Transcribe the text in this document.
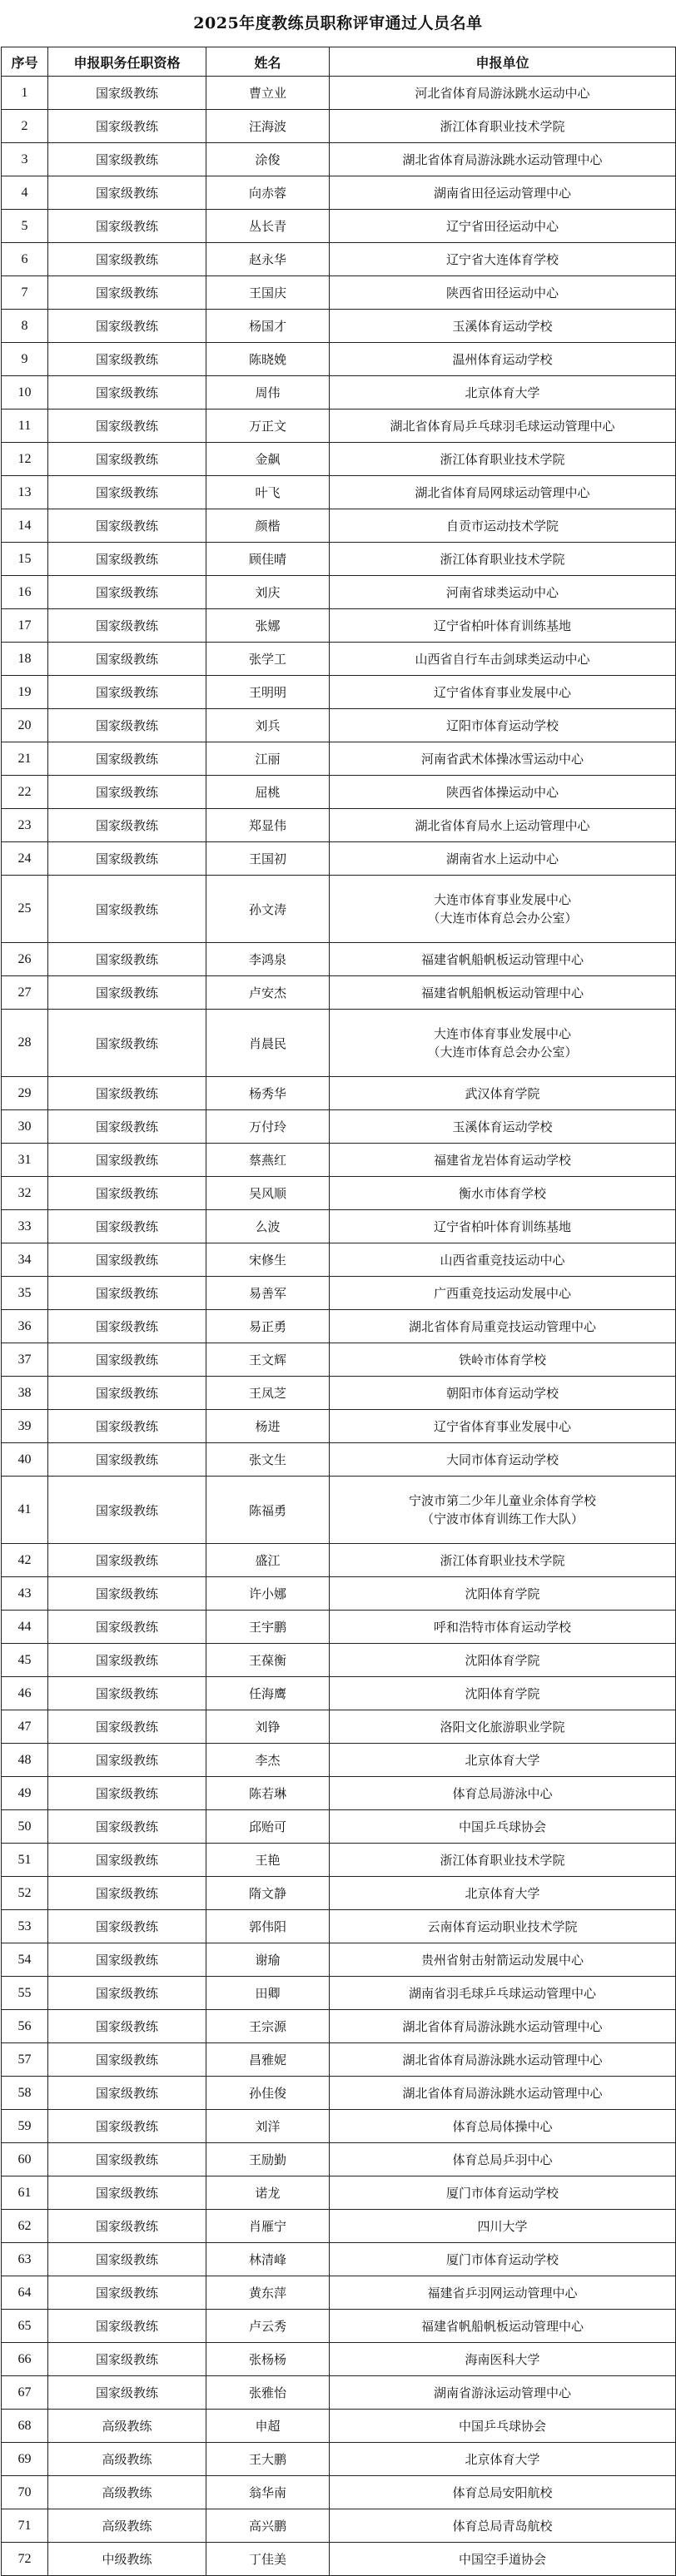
2025年度教练员职称评审通过人员名单
序号	申报职务任职资格	姓名	申报单位
1	国家级教练	曹立业	河北省体育局游泳跳水运动中心

2	国家级教练	汪海波	浙江体育职业技术学院

3	国家级教练	涂俊	湖北省体育局游泳跳水运动管理中心

4	国家级教练	向赤蓉	湖南省田径运动管理中心

5	国家级教练	丛长青	辽宁省田径运动中心

6	国家级教练	赵永华	辽宁省大连体育学校

7	国家级教练	王国庆	陕西省田径运动中心

8	国家级教练	杨国才	玉溪体育运动学校

9	国家级教练	陈晓娩	温州体育运动学校

10	国家级教练	周伟	北京体育大学

11	国家级教练	万正文	湖北省体育局乒乓球羽毛球运动管理中心

12	国家级教练	金飙	浙江体育职业技术学院

13	国家级教练	叶飞	湖北省体育局网球运动管理中心

14	国家级教练	颜楷	自贡市运动技术学院

15	国家级教练	顾佳晴	浙江体育职业技术学院

16	国家级教练	刘庆	河南省球类运动中心

17	国家级教练	张娜	辽宁省柏叶体育训练基地

18	国家级教练	张学工	山西省自行车击剑球类运动中心

19	国家级教练	王明明	辽宁省体育事业发展中心

20	国家级教练	刘兵	辽阳市体育运动学校

21	国家级教练	江丽	河南省武术体操冰雪运动中心

22	国家级教练	屈桃	陕西省体操运动中心

23	国家级教练	郑显伟	湖北省体育局水上运动管理中心

24	国家级教练	王国初	湖南省水上运动中心

25	国家级教练	孙文涛	大连市体育事业发展中心
（大连市体育总会办公室）

26	国家级教练	李鸿泉	福建省帆船帆板运动管理中心

27	国家级教练	卢安杰	福建省帆船帆板运动管理中心

28	国家级教练	肖晨民	大连市体育事业发展中心
（大连市体育总会办公室）

29	国家级教练	杨秀华	武汉体育学院

30	国家级教练	万付玲	玉溪体育运动学校

31	国家级教练	蔡燕红	福建省龙岩体育运动学校

32	国家级教练	吴风顺	衡水市体育学校

33	国家级教练	么波	辽宁省柏叶体育训练基地

34	国家级教练	宋修生	山西省重竞技运动中心

35	国家级教练	易善军	广西重竞技运动发展中心

36	国家级教练	易正勇	湖北省体育局重竞技运动管理中心

37	国家级教练	王文辉	铁岭市体育学校

38	国家级教练	王凤芝	朝阳市体育运动学校

39	国家级教练	杨进	辽宁省体育事业发展中心

40	国家级教练	张文生	大同市体育运动学校

41	国家级教练	陈福勇	宁波市第二少年儿童业余体育学校
（宁波市体育训练工作大队）

42	国家级教练	盛江	浙江体育职业技术学院

43	国家级教练	许小娜	沈阳体育学院

44	国家级教练	王宇鹏	呼和浩特市体育运动学校

45	国家级教练	王葆衡	沈阳体育学院

46	国家级教练	任海鹰	沈阳体育学院

47	国家级教练	刘铮	洛阳文化旅游职业学院

48	国家级教练	李杰	北京体育大学

49	国家级教练	陈若琳	体育总局游泳中心

50	国家级教练	邱贻可	中国乒乓球协会

51	国家级教练	王艳	浙江体育职业技术学院

52	国家级教练	隋文静	北京体育大学

53	国家级教练	郭伟阳	云南体育运动职业技术学院

54	国家级教练	谢瑜	贵州省射击射箭运动发展中心

55	国家级教练	田卿	湖南省羽毛球乒乓球运动管理中心

56	国家级教练	王宗源	湖北省体育局游泳跳水运动管理中心

57	国家级教练	昌雅妮	湖北省体育局游泳跳水运动管理中心

58	国家级教练	孙佳俊	湖北省体育局游泳跳水运动管理中心

59	国家级教练	刘洋	体育总局体操中心

60	国家级教练	王励勤	体育总局乒羽中心

61	国家级教练	诺龙	厦门市体育运动学校

62	国家级教练	肖雁宁	四川大学

63	国家级教练	林清峰	厦门市体育运动学校

64	国家级教练	黄东萍	福建省乒羽网运动管理中心

65	国家级教练	卢云秀	福建省帆船帆板运动管理中心

66	国家级教练	张杨杨	海南医科大学

67	国家级教练	张雅怡	湖南省游泳运动管理中心

68	高级教练	申超	中国乒乓球协会

69	高级教练	王大鹏	北京体育大学

70	高级教练	翁华南	体育总局安阳航校

71	高级教练	高兴鹏	体育总局青岛航校

72	中级教练	丁佳美	中国空手道协会
